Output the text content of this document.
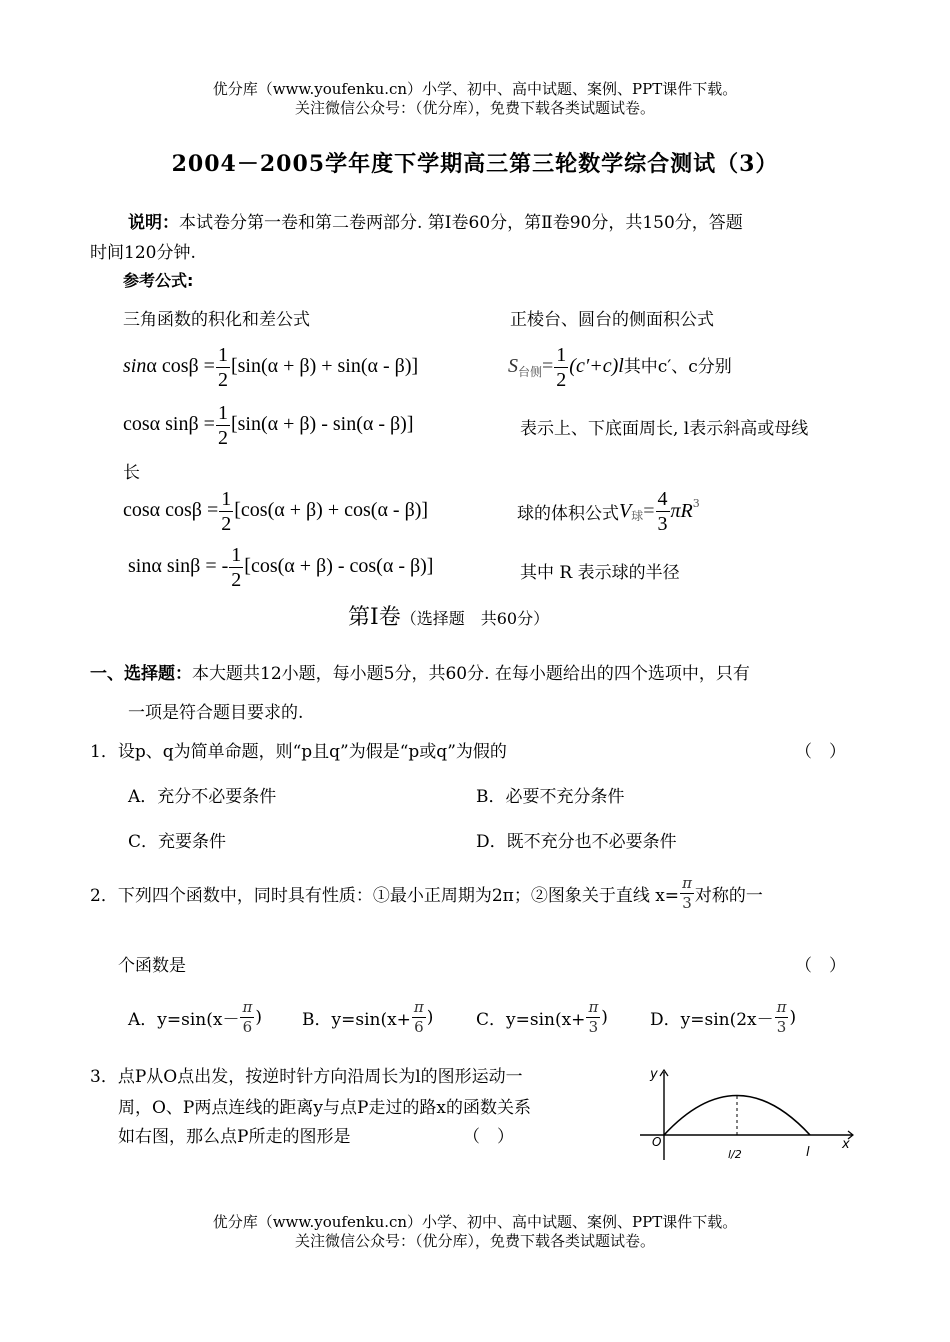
优分库（www.youfenku.cn）小学、初中、高中试题、案例、PPT课件下载。
关注微信公众号：（优分库），免费下载各类试题试卷。
2004－2005学年度下学期高三第三轮数学综合测试（3）
说明：本试卷分第一卷和第二卷两部分. 第Ⅰ卷60分，第Ⅱ卷90分，共150分，答题
时间120分钟.
参考公式:
三角函数的积化和差公式	正棱台、圆台的侧面积公式
sinα $\cos\beta = \frac{1}{2} [\sin(\alpha + \beta) + \sin(\alpha - \beta)]$	$S_{台侧}= \frac{1}{2} (c'+c)l$其中c′、c分别
cosα $\sin\beta = \frac{1}{2} [\sin(\alpha + \beta) - \sin(\alpha - \beta)]$	表示上、下底面周长, l表示斜高或母线
长
cosα $\cos\beta = \frac{1}{2} [\cos(\alpha + \beta) + \cos(\alpha - \beta)]$	球的体积公式$V_球= \frac{4}{3} \pi R^3$
sinα sinβ = - $\frac{1}{2} [\cos(\alpha + \beta) - \cos(\alpha - \beta)]$	其中 R 表示球的半径
第Ⅰ卷（选择题　共60分）
一、选择题：本大题共12小题，每小题5分，共60分. 在每小题给出的四个选项中，只有
一项是符合题目要求的.
1．设p、q为简单命题，则“p且q”为假是“p或q”为假的	（　）
A．充分不必要条件	B．必要不充分条件
C．充要条件	D．既不充分也不必要条件
2．下列四个函数中，同时具有性质：①最小正周期为2π；②图象关于直线 $x= \frac{\pi}{3}$ 对称的一
个函数是	（　）
A．$y=\sin(x- \frac{\pi}{6}$ ) B．$y=\sin(x+ \frac{\pi}{6}$ )	C．$y=\sin(x+ \frac{\pi}{3}$ ) D．$y=\sin(2x- \frac{\pi}{3}$ )
3．点P从O点出发，按逆时针方向沿周长为l的图形运动一
周，O、P两点连线的距离y与点P走过的路x的函数关系
如右图，那么点P所走的图形是	（　）
y
x
O
l/2	l
优分库（www.youfenku.cn）小学、初中、高中试题、案例、PPT课件下载。
关注微信公众号：（优分库），免费下载各类试题试卷。
